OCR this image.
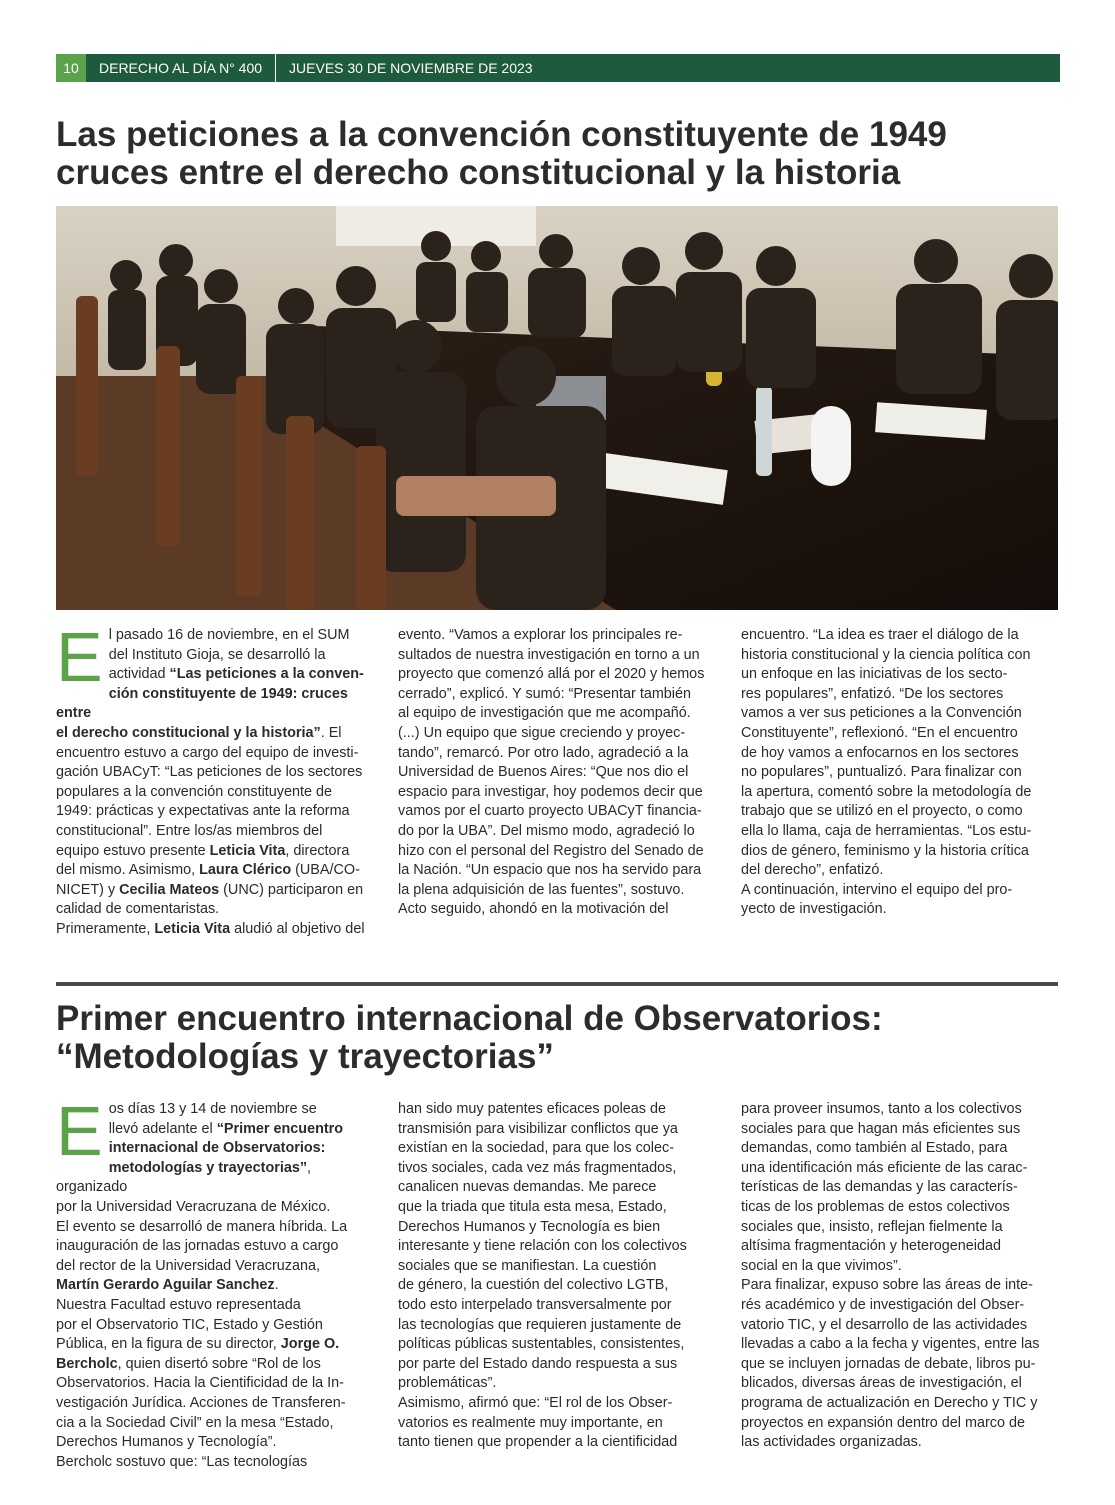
10	DERECHO AL DÍA N° 400	JUEVES 30 DE NOVIEMBRE DE 2023
Las peticiones a la convención constituyente de 1949
cruces entre el derecho constitucional y la historia
El pasado 16 de noviembre, en el SUM
del Instituto Gioja, se desarrolló la
actividad “Las peticiones a la conven-
ción constituyente de 1949: cruces entre
el derecho constitucional y la historia”. El
encuentro estuvo a cargo del equipo de investi-
gación UBACyT: “Las peticiones de los sectores
populares a la convención constituyente de
1949: prácticas y expectativas ante la reforma
constitucional”. Entre los/as miembros del
equipo estuvo presente Leticia Vita, directora
del mismo. Asimismo, Laura Clérico (UBA/CO-
NICET) y Cecilia Mateos (UNC) participaron en
calidad de comentaristas.
Primeramente, Leticia Vita aludió al objetivo del
evento. “Vamos a explorar los principales re-
sultados de nuestra investigación en torno a un
proyecto que comenzó allá por el 2020 y hemos
cerrado”, explicó. Y sumó: “Presentar también
al equipo de investigación que me acompañó.
(...) Un equipo que sigue creciendo y proyec-
tando”, remarcó. Por otro lado, agradeció a la
Universidad de Buenos Aires: “Que nos dio el
espacio para investigar, hoy podemos decir que
vamos por el cuarto proyecto UBACyT financia-
do por la UBA”. Del mismo modo, agradeció lo
hizo con el personal del Registro del Senado de
la Nación. “Un espacio que nos ha servido para
la plena adquisición de las fuentes”, sostuvo.
Acto seguido, ahondó en la motivación del
encuentro. “La idea es traer el diálogo de la
historia constitucional y la ciencia política con
un enfoque en las iniciativas de los secto-
res populares”, enfatizó. “De los sectores
vamos a ver sus peticiones a la Convención
Constituyente”, reflexionó. “En el encuentro
de hoy vamos a enfocarnos en los sectores
no populares”, puntualizó. Para finalizar con
la apertura, comentó sobre la metodología de
trabajo que se utilizó en el proyecto, o como
ella lo llama, caja de herramientas. “Los estu-
dios de género, feminismo y la historia crítica
del derecho”, enfatizó.
A continuación, intervino el equipo del pro-
yecto de investigación.
Primer encuentro internacional de Observatorios:
“Metodologías y trayectorias”
Eos días 13 y 14 de noviembre se
llevó adelante el “Primer encuentro
internacional de Observatorios:
metodologías y trayectorias”, organizado
por la Universidad Veracruzana de México.
El evento se desarrolló de manera híbrida. La
inauguración de las jornadas estuvo a cargo
del rector de la Universidad Veracruzana,
Martín Gerardo Aguilar Sanchez.
Nuestra Facultad estuvo representada
por el Observatorio TIC, Estado y Gestión
Pública, en la figura de su director, Jorge O.
Bercholc, quien disertó sobre “Rol de los
Observatorios. Hacia la Cientificidad de la In-
vestigación Jurídica. Acciones de Transferen-
cia a la Sociedad Civil” en la mesa “Estado,
Derechos Humanos y Tecnología”.
Bercholc sostuvo que: “Las tecnologías
han sido muy patentes eficaces poleas de
transmisión para visibilizar conflictos que ya
existían en la sociedad, para que los colec-
tivos sociales, cada vez más fragmentados,
canalicen nuevas demandas. Me parece
que la triada que titula esta mesa, Estado,
Derechos Humanos y Tecnología es bien
interesante y tiene relación con los colectivos
sociales que se manifiestan. La cuestión
de género, la cuestión del colectivo LGTB,
todo esto interpelado transversalmente por
las tecnologías que requieren justamente de
políticas públicas sustentables, consistentes,
por parte del Estado dando respuesta a sus
problemáticas”.
Asimismo, afirmó que: “El rol de los Obser-
vatorios es realmente muy importante, en
tanto tienen que propender a la cientificidad
para proveer insumos, tanto a los colectivos
sociales para que hagan más eficientes sus
demandas, como también al Estado, para
una identificación más eficiente de las carac-
terísticas de las demandas y las caracterís-
ticas de los problemas de estos colectivos
sociales que, insisto, reflejan fielmente la
altísima fragmentación y heterogeneidad
social en la que vivimos”.
Para finalizar, expuso sobre las áreas de inte-
rés académico y de investigación del Obser-
vatorio TIC, y el desarrollo de las actividades
llevadas a cabo a la fecha y vigentes, entre las
que se incluyen jornadas de debate, libros pu-
blicados, diversas áreas de investigación, el
programa de actualización en Derecho y TIC y
proyectos en expansión dentro del marco de
las actividades organizadas.
